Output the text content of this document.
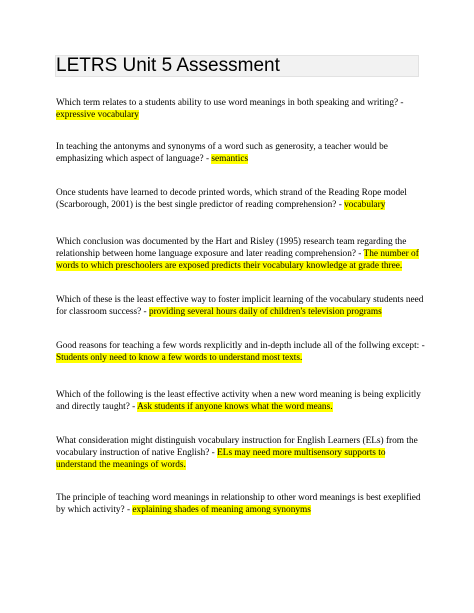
LETRS Unit 5 Assessment
Which term relates to a students ability to use word meanings in both speaking and writing? - expressive vocabulary
In teaching the antonyms and synonyms of a word such as generosity, a teacher would be emphasizing which aspect of language? - semantics
Once students have learned to decode printed words, which strand of the Reading Rope model (Scarborough, 2001) is the best single predictor of reading comprehension? - vocabulary
Which conclusion was documented by the Hart and Risley (1995) research team regarding the relationship between home language exposure and later reading comprehension? - The number of words to which preschoolers are exposed predicts their vocabulary knowledge at grade three.
Which of these is the least effective way to foster implicit learning of the vocabulary students need for classroom success? - providing several hours daily of children's television programs
Good reasons for teaching a few words rexplicitly and in-depth include all of the follwing except: - Students only need to know a few words to understand most texts.
Which of the following is the least effective activity when a new word meaning is being explicitly and directly taught? - Ask students if anyone knows what the word means.
What consideration might distinguish vocabulary instruction for English Learners (ELs) from the vocabulary instruction of native English? - ELs may need more multisensory supports to understand the meanings of words.
The principle of teaching word meanings in relationship to other word meanings is best exeplified by which activity? - explaining shades of meaning among synonyms
